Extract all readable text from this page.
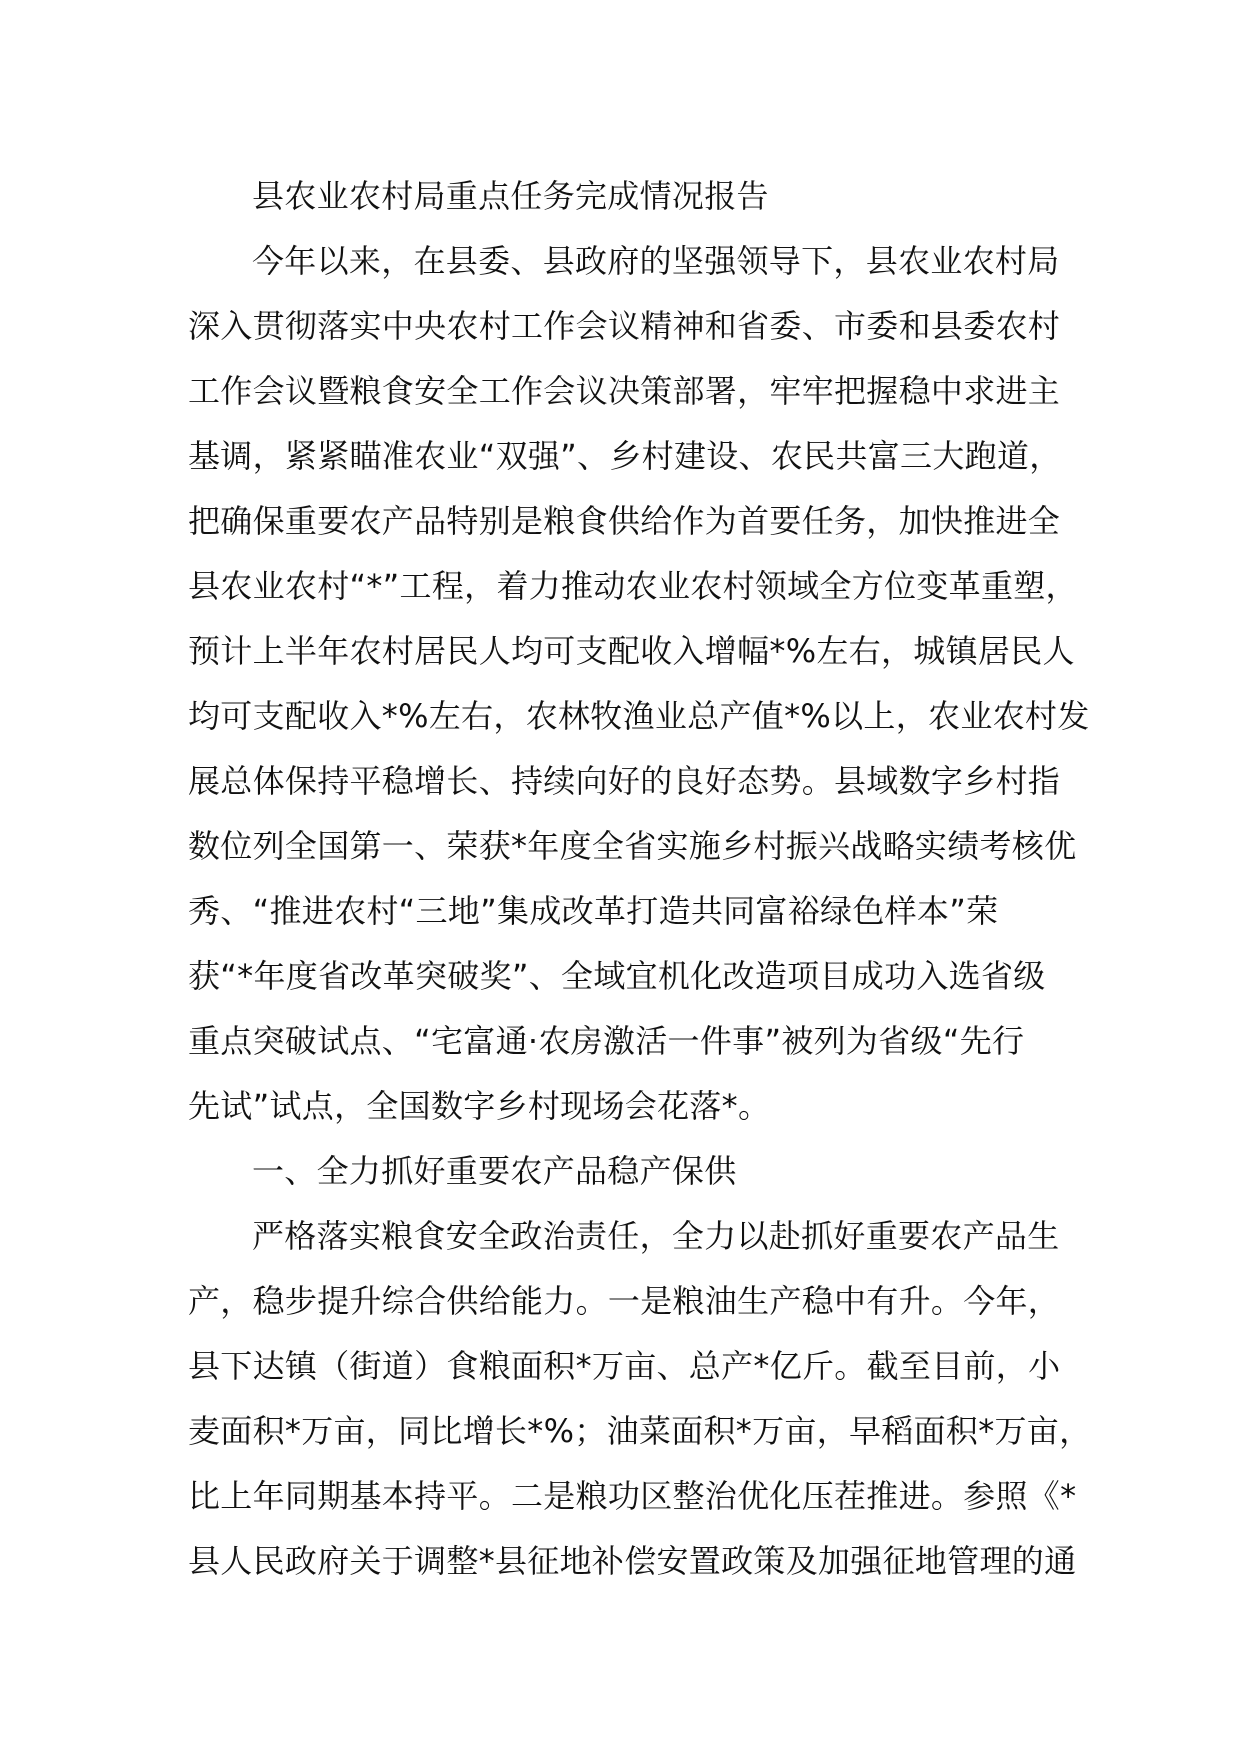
县农业农村局重点任务完成情况报告
今年以来，在县委、县政府的坚强领导下，县农业农村局
深入贯彻落实中央农村工作会议精神和省委、市委和县委农村
工作会议暨粮食安全工作会议决策部署，牢牢把握稳中求进主
基调，紧紧瞄准农业“双强”、乡村建设、农民共富三大跑道，
把确保重要农产品特别是粮食供给作为首要任务，加快推进全
县农业农村“*”工程，着力推动农业农村领域全方位变革重塑，
预计上半年农村居民人均可支配收入增幅*%左右，城镇居民人
均可支配收入*%左右，农林牧渔业总产值*%以上，农业农村发
展总体保持平稳增长、持续向好的良好态势。县域数字乡村指
数位列全国第一、荣获*年度全省实施乡村振兴战略实绩考核优
秀、“推进农村“三地”集成改革打造共同富裕绿色样本”荣
获“*年度省改革突破奖”、全域宜机化改造项目成功入选省级
重点突破试点、“宅富通·农房激活一件事”被列为省级“先行
先试”试点，全国数字乡村现场会花落*。
一、全力抓好重要农产品稳产保供
严格落实粮食安全政治责任，全力以赴抓好重要农产品生
产，稳步提升综合供给能力。一是粮油生产稳中有升。今年，
县下达镇（街道）食粮面积*万亩、总产*亿斤。截至目前，小
麦面积*万亩，同比增长*%；油菜面积*万亩，早稻面积*万亩，
比上年同期基本持平。二是粮功区整治优化压茬推进。参照《*
县人民政府关于调整*县征地补偿安置政策及加强征地管理的通
